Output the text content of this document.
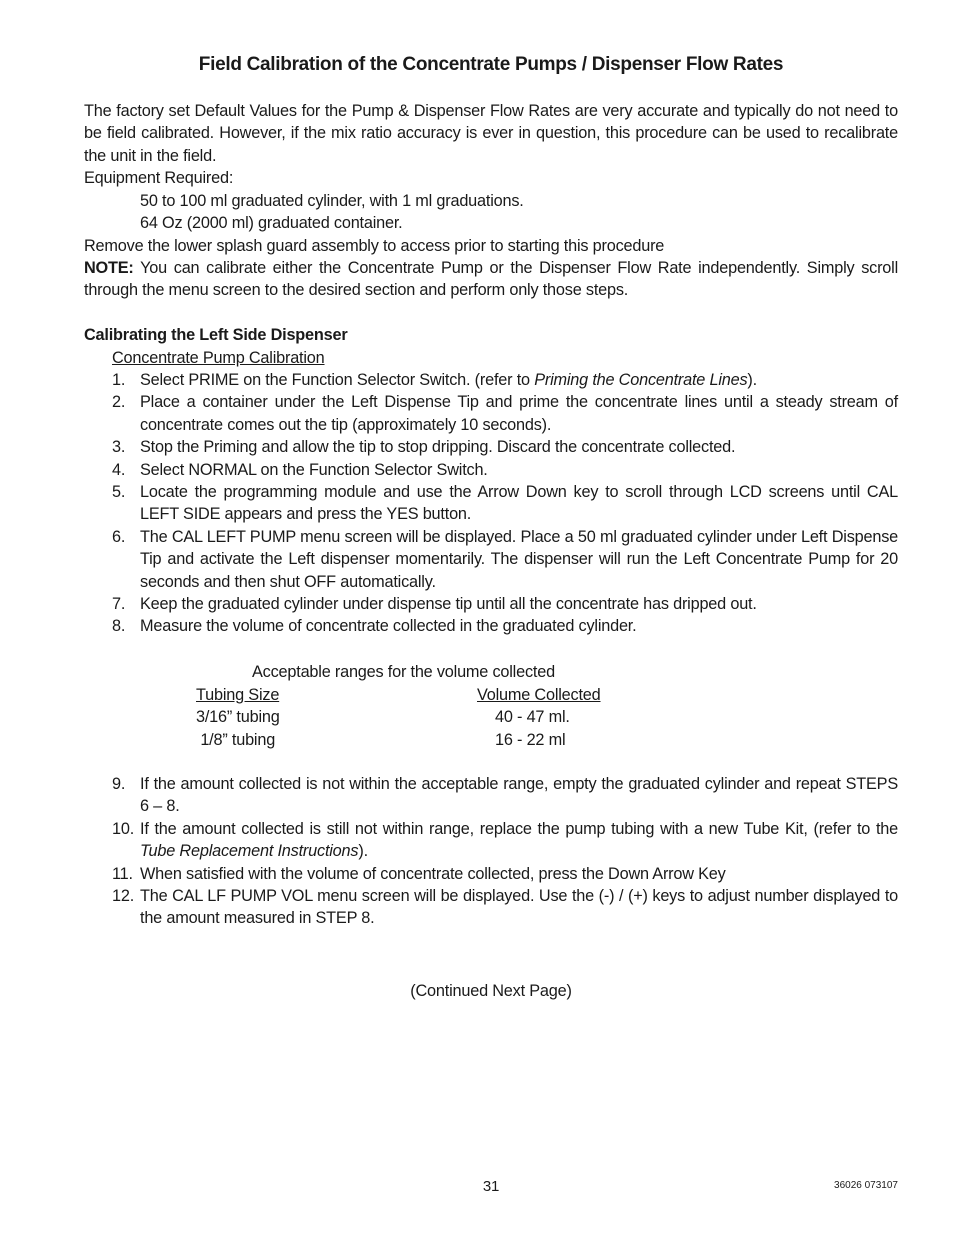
Field Calibration of the Concentrate Pumps / Dispenser Flow Rates

The factory set Default Values for the Pump & Dispenser Flow Rates are very accurate and typically do not need to be field calibrated. However, if the mix ratio accuracy is ever in question, this procedure can be used to recalibrate the unit in the field.

Equipment Required:

50 to 100 ml graduated cylinder, with 1 ml graduations.

64 Oz (2000 ml) graduated container.

Remove the lower splash guard assembly to access prior to starting this procedure

NOTE: You can calibrate either the Concentrate Pump or the Dispenser Flow Rate independently. Simply scroll through the menu screen to the desired section and perform only those steps.

Calibrating the Left Side Dispenser

Concentrate Pump Calibration

1. Select PRIME on the Function Selector Switch. (refer to Priming the Concentrate Lines).
2. Place a container under the Left Dispense Tip and prime the concentrate lines until a steady stream of concentrate comes out the tip (approximately 10 seconds).
3. Stop the Priming and allow the tip to stop dripping. Discard the concentrate collected.
4. Select NORMAL on the Function Selector Switch.
5. Locate the programming module and use the Arrow Down key to scroll through LCD screens until CAL LEFT SIDE appears and press the YES button.
6. The CAL LEFT PUMP menu screen will be displayed. Place a 50 ml graduated cylinder under Left Dispense Tip and activate the Left dispenser momentarily. The dispenser will run the Left Concentrate Pump for 20 seconds and then shut OFF automatically.
7. Keep the graduated cylinder under dispense tip until all the concentrate has dripped out.
8. Measure the volume of concentrate collected in the graduated cylinder.

Acceptable ranges for the volume collected

Tubing Size	Volume Collected
3/16” tubing	40 - 47 ml.
1/8” tubing	16 - 22 ml
9. If the amount collected is not within the acceptable range, empty the graduated cylinder and repeat STEPS 6 – 8.
10. If the amount collected is still not within range, replace the pump tubing with a new Tube Kit, (refer to the Tube Replacement Instructions).
11. When satisfied with the volume of concentrate collected, press the Down Arrow Key
12. The CAL LF PUMP VOL menu screen will be displayed. Use the (-) / (+) keys to adjust number displayed to the amount measured in STEP 8.

(Continued Next Page)

31	36026 073107
